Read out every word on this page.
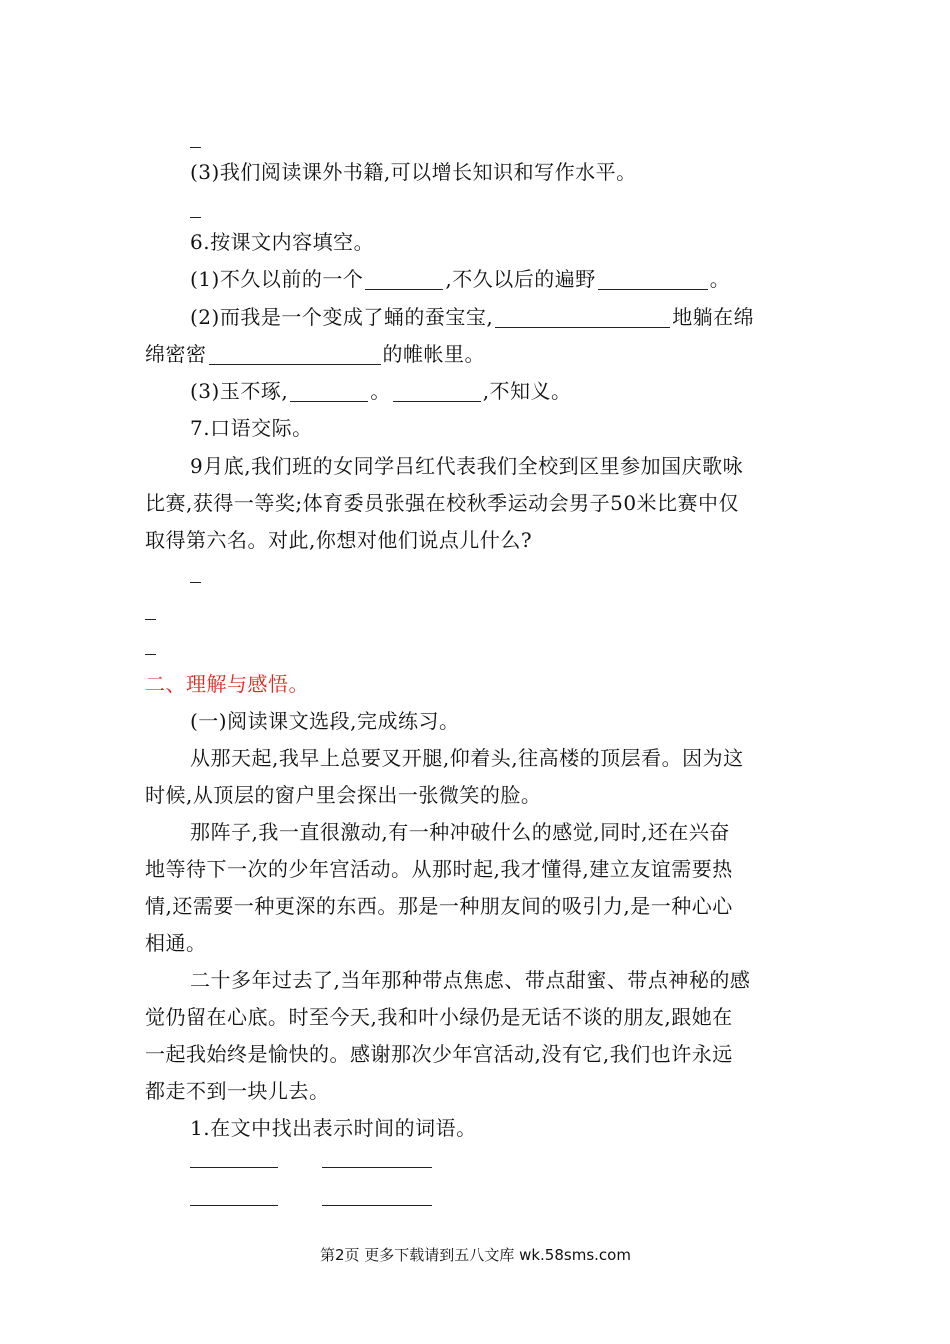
(3)我们阅读课外书籍,可以增长知识和写作水平。
6.按课文内容填空。
(1)不久以前的一个	,不久以后的遍野	。
(2)而我是一个变成了蛹的蚕宝宝,	地躺在绵
绵密密	的帷帐里。
(3)玉不琢,	。	,不知义。
7.口语交际。
9月底,我们班的女同学吕红代表我们全校到区里参加国庆歌咏
比赛,获得一等奖;体育委员张强在校秋季运动会男子50米比赛中仅
取得第六名。对此,你想对他们说点儿什么?
二、理解与感悟。
(一)阅读课文选段,完成练习。
从那天起,我早上总要叉开腿,仰着头,往高楼的顶层看。因为这
时候,从顶层的窗户里会探出一张微笑的脸。
那阵子,我一直很激动,有一种冲破什么的感觉,同时,还在兴奋
地等待下一次的少年宫活动。从那时起,我才懂得,建立友谊需要热
情,还需要一种更深的东西。那是一种朋友间的吸引力,是一种心心
相通。
二十多年过去了,当年那种带点焦虑、带点甜蜜、带点神秘的感
觉仍留在心底。时至今天,我和叶小绿仍是无话不谈的朋友,跟她在
一起我始终是愉快的。感谢那次少年宫活动,没有它,我们也许永远
都走不到一块儿去。
1.在文中找出表示时间的词语。
第2页 更多下载请到五八文库 wk.58sms.com
